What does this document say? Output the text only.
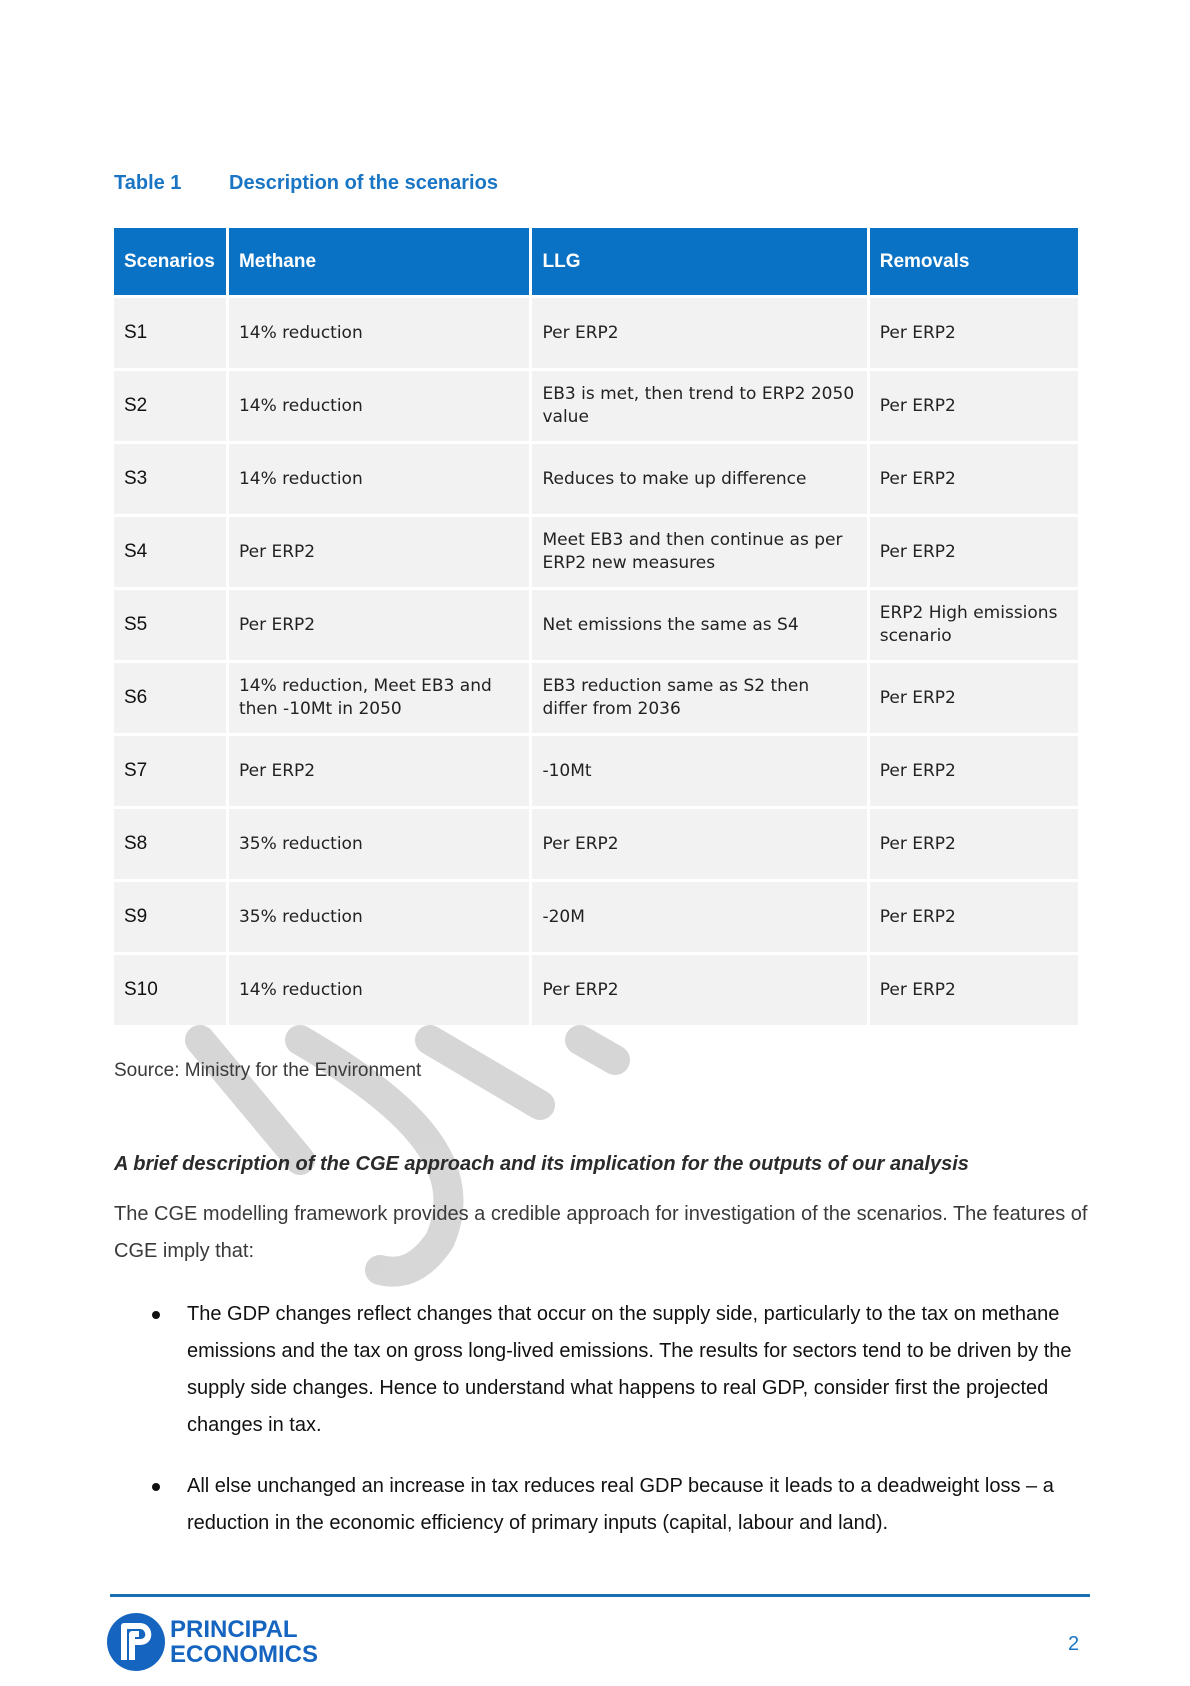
Table 1	Description of the scenarios
Scenarios	Methane	LLG	Removals
S1	14% reduction	Per ERP2	Per ERP2
S2	14% reduction	EB3 is met, then trend to ERP2 2050 value	Per ERP2
S3	14% reduction	Reduces to make up difference	Per ERP2
S4	Per ERP2	Meet EB3 and then continue as per ERP2 new measures	Per ERP2
S5	Per ERP2	Net emissions the same as S4	ERP2 High emissions scenario
S6	14% reduction, Meet EB3 and then -10Mt in 2050	EB3 reduction same as S2 then differ from 2036	Per ERP2
S7	Per ERP2	-10Mt	Per ERP2
S8	35% reduction	Per ERP2	Per ERP2
S9	35% reduction	-20M	Per ERP2
S10	14% reduction	Per ERP2	Per ERP2
Source: Ministry for the Environment
A brief description of the CGE approach and its implication for the outputs of our analysis

The CGE modelling framework provides a credible approach for investigation of the scenarios. The features of CGE imply that:

The GDP changes reflect changes that occur on the supply side, particularly to the tax on methane emissions and the tax on gross long-lived emissions. The results for sectors tend to be driven by the supply side changes. Hence to understand what happens to real GDP, consider first the projected changes in tax.
All else unchanged an increase in tax reduces real GDP because it leads to a deadweight loss – a reduction in the economic efficiency of primary inputs (capital, labour and land).
PRINCIPAL
ECONOMICS	2
